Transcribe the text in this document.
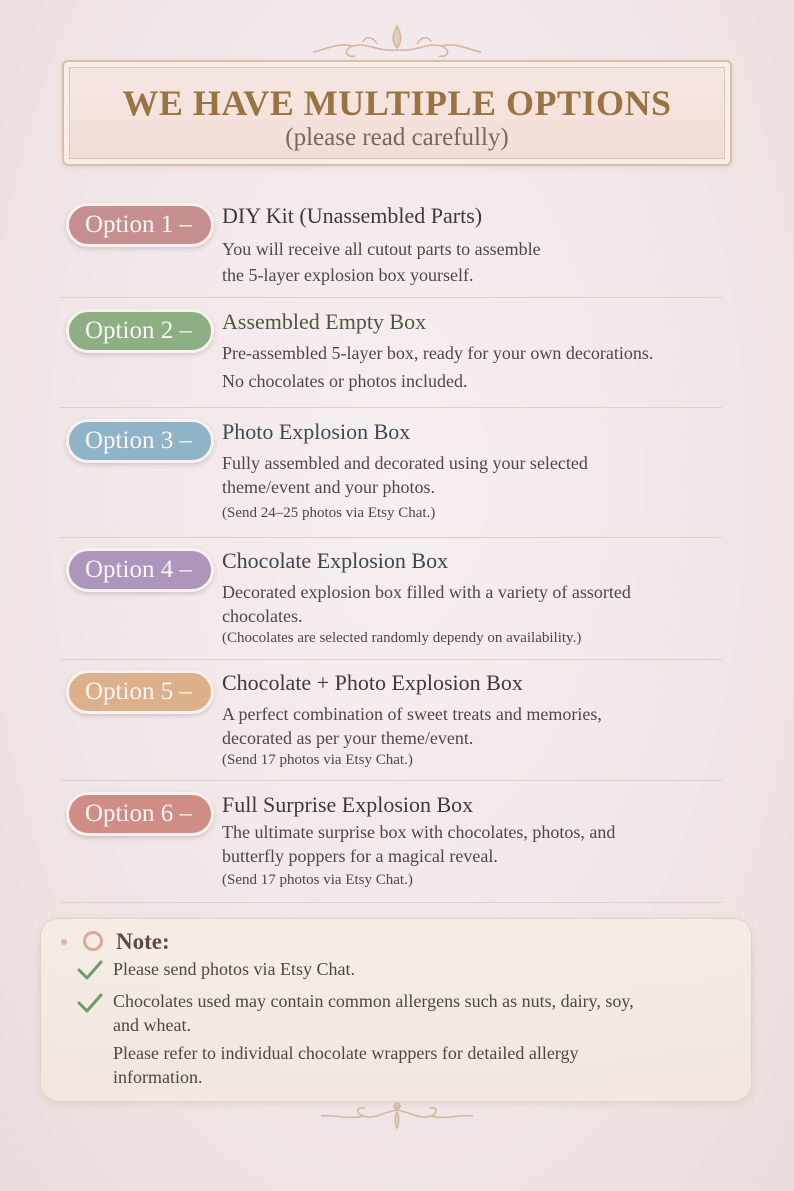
WE HAVE MULTIPLE OPTIONS
(please read carefully)
Option 1 –	DIY Kit (Unassembled Parts)
You will receive all cutout parts to assemble
the 5-layer explosion box yourself.
Option 2 –	Assembled Empty Box
Pre-assembled 5-layer box, ready for your own decorations.
No chocolates or photos included.
Option 3 –	Photo Explosion Box
Fully assembled and decorated using your selected
theme/event and your photos.
(Send 24–25 photos via Etsy Chat.)
Option 4 –	Chocolate Explosion Box
Decorated explosion box filled with a variety of assorted
chocolates.
(Chocolates are selected randomly dependy on availability.)
Option 5 –	Chocolate + Photo Explosion Box
A perfect combination of sweet treats and memories,
decorated as per your theme/event.
(Send 17 photos via Etsy Chat.)
Option 6 –	Full Surprise Explosion Box
The ultimate surprise box with chocolates, photos, and
butterfly poppers for a magical reveal.
(Send 17 photos via Etsy Chat.)
Note:
Please send photos via Etsy Chat.
Chocolates used may contain common allergens such as nuts, dairy, soy,
and wheat.
Please refer to individual chocolate wrappers for detailed allergy
information.
